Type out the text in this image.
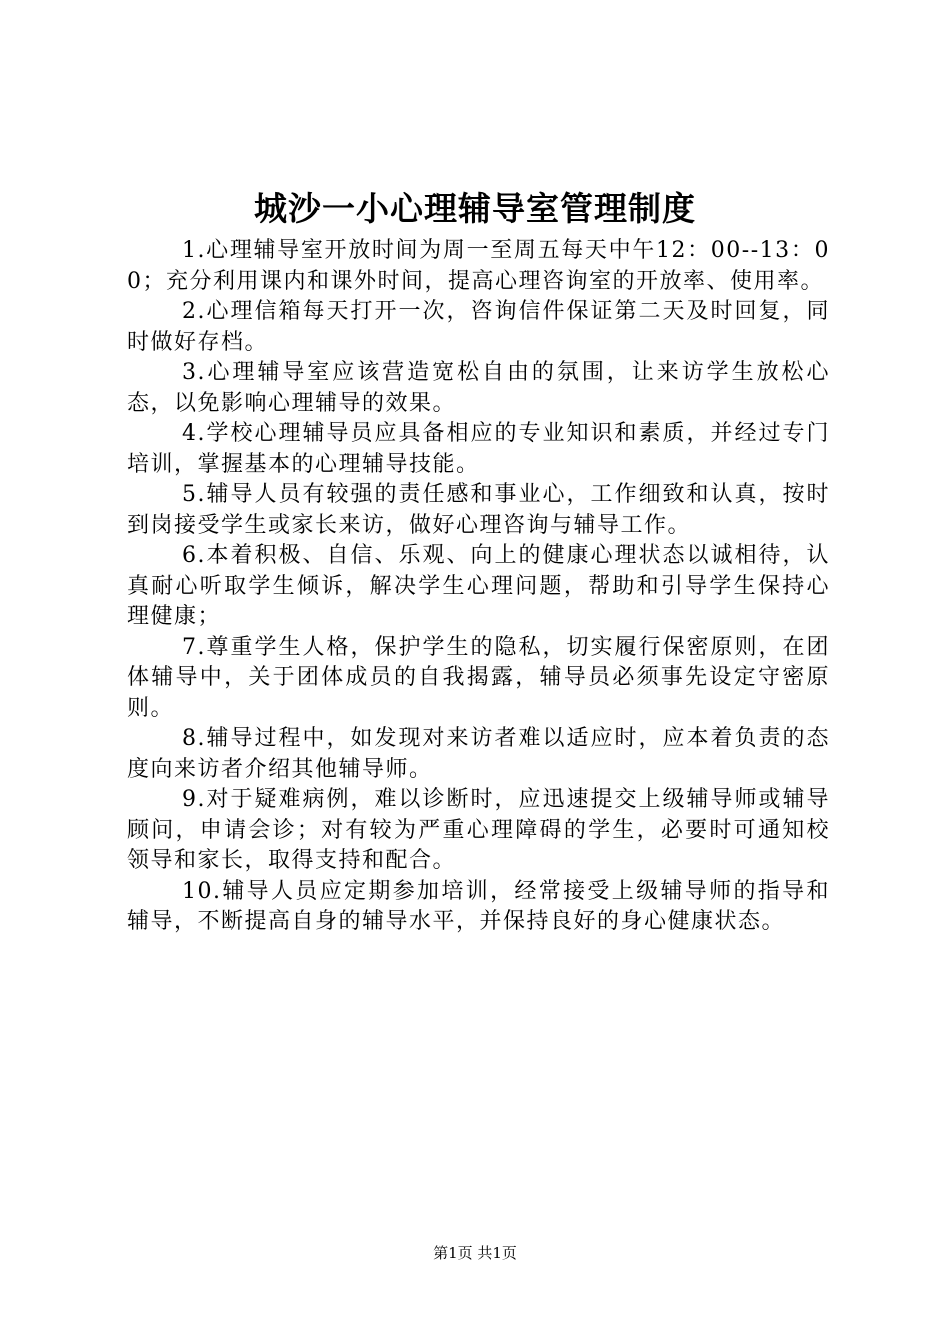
城沙一小心理辅导室管理制度

1.心理辅导室开放时间为周一至周五每天中午12：00--13：00；充分利用课内和课外时间，提高心理咨询室的开放率、使用率。

2.心理信箱每天打开一次，咨询信件保证第二天及时回复，同时做好存档。

3.心理辅导室应该营造宽松自由的氛围，让来访学生放松心态，以免影响心理辅导的效果。

4.学校心理辅导员应具备相应的专业知识和素质，并经过专门培训，掌握基本的心理辅导技能。

5.辅导人员有较强的责任感和事业心，工作细致和认真，按时到岗接受学生或家长来访，做好心理咨询与辅导工作。

6.本着积极、自信、乐观、向上的健康心理状态以诚相待，认真耐心听取学生倾诉，解决学生心理问题，帮助和引导学生保持心理健康；

7.尊重学生人格，保护学生的隐私，切实履行保密原则，在团体辅导中，关于团体成员的自我揭露，辅导员必须事先设定守密原则。

8.辅导过程中，如发现对来访者难以适应时，应本着负责的态度向来访者介绍其他辅导师。

9.对于疑难病例，难以诊断时，应迅速提交上级辅导师或辅导顾问，申请会诊；对有较为严重心理障碍的学生，必要时可通知校领导和家长，取得支持和配合。

10.辅导人员应定期参加培训，经常接受上级辅导师的指导和辅导，不断提高自身的辅导水平，并保持良好的身心健康状态。

第1页 共1页
